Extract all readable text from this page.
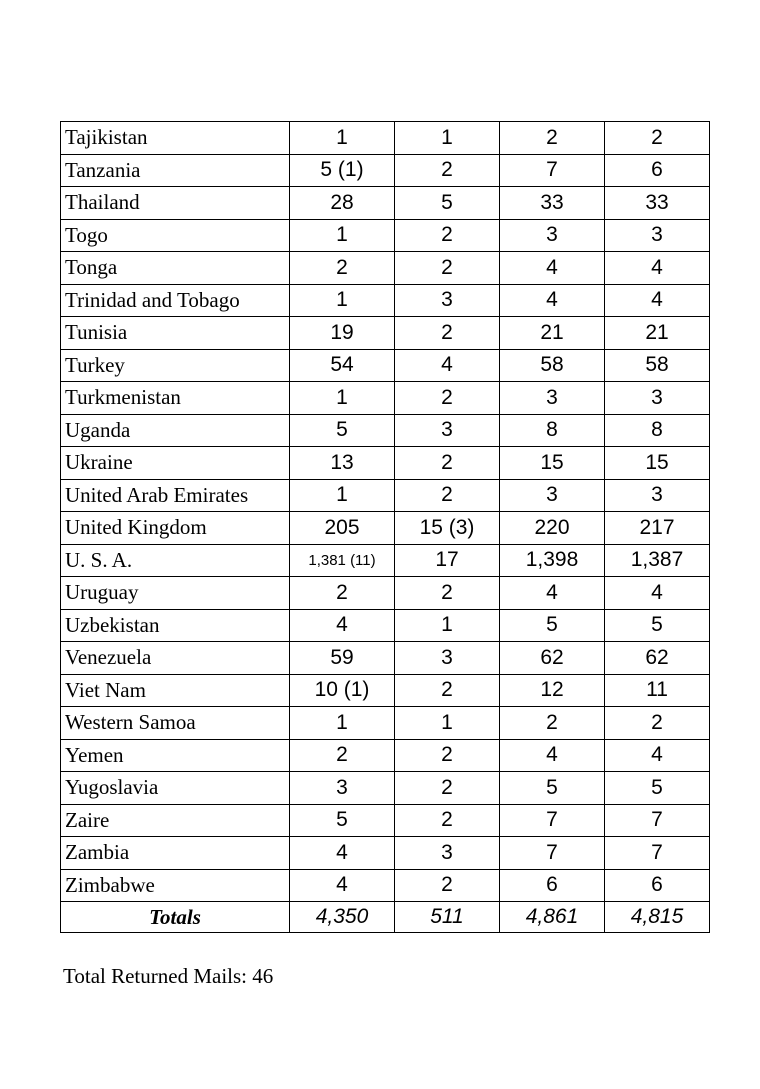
Tajikistan	1	1	2	2
Tanzania	5 (1)	2	7	6
Thailand	28	5	33	33
Togo	1	2	3	3
Tonga	2	2	4	4
Trinidad and Tobago	1	3	4	4
Tunisia	19	2	21	21
Turkey	54	4	58	58
Turkmenistan	1	2	3	3
Uganda	5	3	8	8
Ukraine	13	2	15	15
United Arab Emirates	1	2	3	3
United Kingdom	205	15 (3)	220	217
U. S. A.	1,381 (11)	17	1,398	1,387
Uruguay	2	2	4	4
Uzbekistan	4	1	5	5
Venezuela	59	3	62	62
Viet Nam	10 (1)	2	12	11
Western Samoa	1	1	2	2
Yemen	2	2	4	4
Yugoslavia	3	2	5	5
Zaire	5	2	7	7
Zambia	4	3	7	7
Zimbabwe	4	2	6	6
Totals	4,350	511	4,861	4,815
Total Returned Mails: 46
